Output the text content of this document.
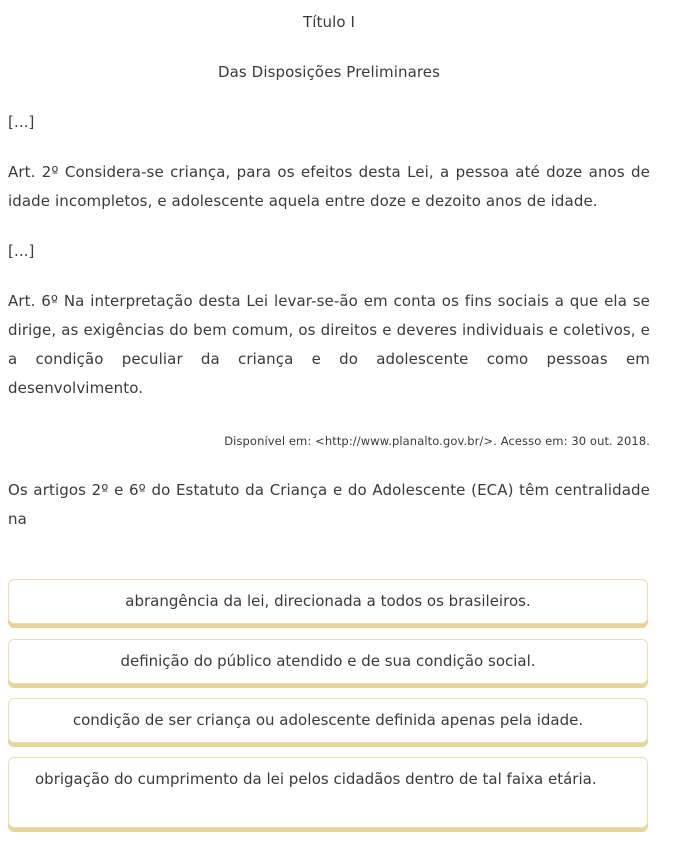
Título I
Das Disposições Preliminares

[...]

Art. 2º Considera-se criança, para os efeitos desta Lei, a pessoa até doze anos de idade incompletos, e adolescente aquela entre doze e dezoito anos de idade.

[...]

Art. 6º Na interpretação desta Lei levar-se-ão em conta os fins sociais a que ela se dirige, as exigências do bem comum, os direitos e deveres individuais e coletivos, e a condição peculiar da criança e do adolescente como pessoas em desenvolvimento.

Disponível em: <http://www.planalto.gov.br/>. Acesso em: 30 out. 2018.

Os artigos 2º e 6º do Estatuto da Criança e do Adolescente (ECA) têm centralidade na

abrangência da lei, direcionada a todos os brasileiros.
definição do público atendido e de sua condição social.
condição de ser criança ou adolescente definida apenas pela idade.
obrigação do cumprimento da lei pelos cidadãos dentro de tal faixa etária.
